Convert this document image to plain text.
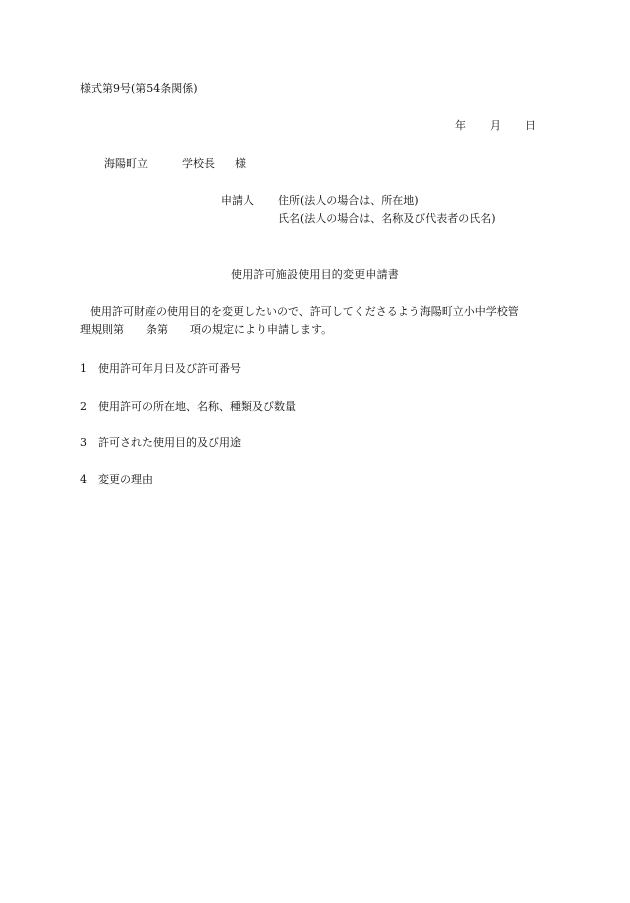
様式第9号(第54条関係)
年 月 日
海陽町立	学校長 様
申請人 住所(法人の場合は、所在地)
氏名(法人の場合は、名称及び代表者の氏名)
使用許可施設使用目的変更申請書
使用許可財産の使用目的を変更したいので、許可してくださるよう海陽町立小中学校管
理規則第 条第 項の規定により申請します。
1 使用許可年月日及び許可番号
2 使用許可の所在地、名称、種類及び数量
3 許可された使用目的及び用途
4 変更の理由
